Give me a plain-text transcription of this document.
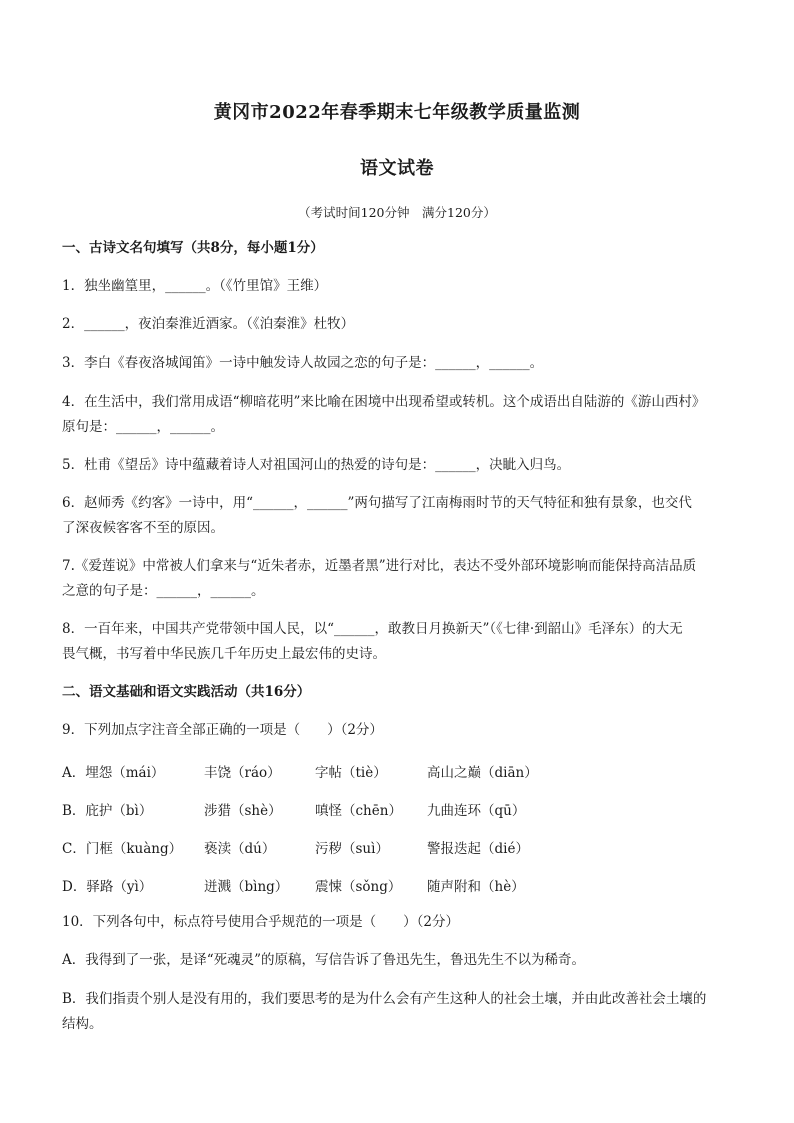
黄冈市2022年春季期末七年级教学质量监测
语文试卷
（考试时间120分钟　满分120分）
一、古诗文名句填写（共8分，每小题1分）
1．独坐幽篁里，______。（《竹里馆》王维）
2．______，夜泊秦淮近酒家。（《泊秦淮》杜牧）
3．李白《春夜洛城闻笛》一诗中触发诗人故园之恋的句子是：______，______。
4．在生活中，我们常用成语“柳暗花明”来比喻在困境中出现希望或转机。这个成语出自陆游的《游山西村》
原句是：______，______。
5．杜甫《望岳》诗中蕴藏着诗人对祖国河山的热爱的诗句是：______，决眦入归鸟。
6．赵师秀《约客》一诗中，用“______，______”两句描写了江南梅雨时节的天气特征和独有景象，也交代
了深夜候客客不至的原因。
7.《爱莲说》中常被人们拿来与“近朱者赤，近墨者黑”进行对比，表达不受外部环境影响而能保持高洁品质
之意的句子是：______，______。
8．一百年来，中国共产党带领中国人民，以“______，敢教日月换新天”（《七律·到韶山》毛泽东）的大无
畏气概，书写着中华民族几千年历史上最宏伟的史诗。
二、语文基础和语文实践活动（共16分）
9．下列加点字注音全部正确的一项是（　　）（2分）
A．埋怨（mái）	丰饶（ráo）	字帖（tiè）	高山之巅（diān）
B．庇护（bì）	涉猎（shè） 嗔怪（chēn） 九曲连环（qū）
C．门框（kuàng） 亵渎（dú）	污秽（suì）	警报迭起（dié）
D．驿路（yì）	迸溅（bìng） 震悚（sǒng） 随声附和（hè）
10．下列各句中，标点符号使用合乎规范的一项是（　　）（2分）
A．我得到了一张，是译“死魂灵”的原稿，写信告诉了鲁迅先生，鲁迅先生不以为稀奇。
B．我们指责个别人是没有用的，我们要思考的是为什么会有产生这种人的社会土壤，并由此改善社会土壤的
结构。
